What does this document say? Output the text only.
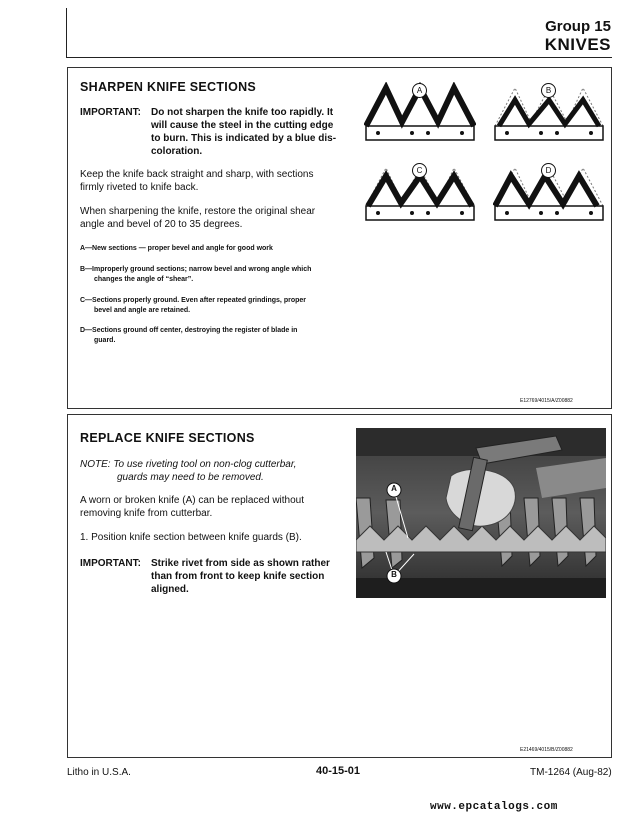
Group 15
KNIVES
SHARPEN KNIFE SECTIONS
IMPORTANT: Do not sharpen the knife too rapidly. It
will cause the steel in the cutting edge
to burn. This is indicated by a blue dis-
coloration.
Keep the knife back straight and sharp, with sections
firmly riveted to knife back.
When sharpening the knife, restore the original shear
angle and bevel of 20 to 35 degrees.
A—New sections — proper bevel and angle for good work
B—Improperly ground sections; narrow bevel and wrong angle which
changes the angle of “shear”.
C—Sections properly ground. Even after repeated grindings, proper
bevel and angle are retained.
D—Sections ground off center, destroying the register of blade in
guard.
A	B
C	D
E12769/4015/A/Z00882
REPLACE KNIFE SECTIONS
NOTE: To use riveting tool on non-clog cutterbar,
guards may need to be removed.
A worn or broken knife (A) can be replaced without
removing knife from cutterbar.
1. Position knife section between knife guards (B).
IMPORTANT: Strike rivet from side as shown rather
than from front to keep knife section
aligned.
A
B
E21469/4015/B/Z00882
Litho in U.S.A.	40-15-01	TM-1264 (Aug-82)
www.epcatalogs.com
